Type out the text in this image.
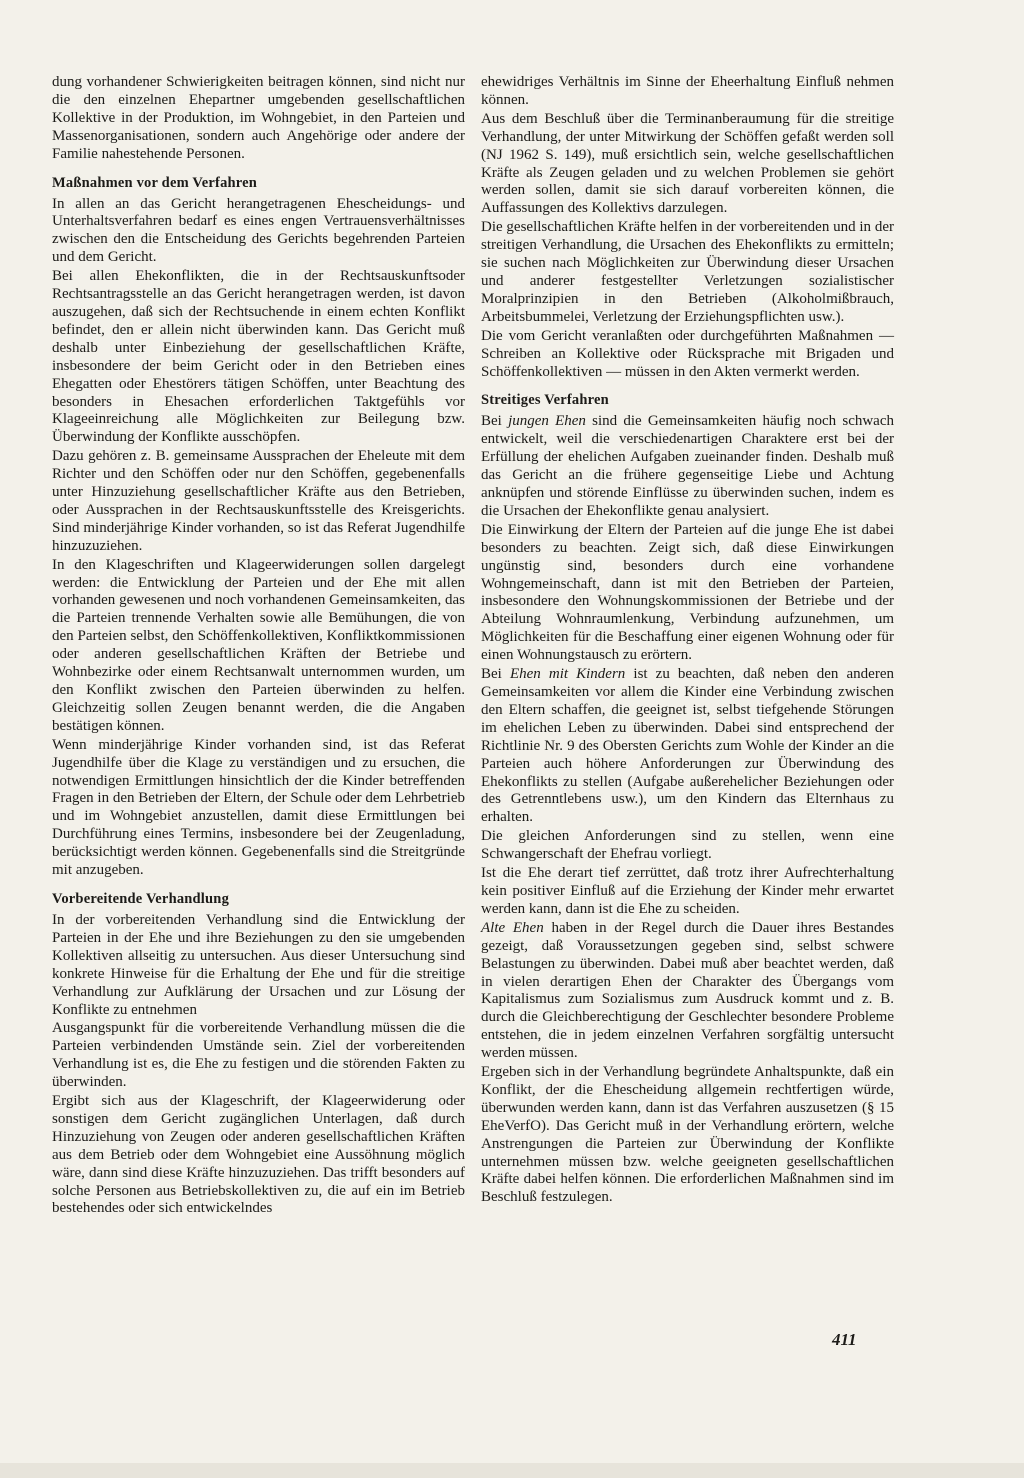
dung vorhandener Schwierigkeiten beitragen können, sind nicht nur die den einzelnen Ehepartner umgebenden gesellschaftlichen Kollektive in der Produktion, im Wohngebiet, in den Parteien und Massenorganisationen, sondern auch Angehörige oder andere der Familie nahestehende Personen.

Maßnahmen vor dem Verfahren

In allen an das Gericht herangetragenen Ehescheidungs- und Unterhaltsverfahren bedarf es eines engen Vertrauensverhältnisses zwischen den die Entscheidung des Gerichts begehrenden Parteien und dem Gericht.

Bei allen Ehekonflikten, die in der Rechtsauskunftsoder Rechtsantragsstelle an das Gericht herangetragen werden, ist davon auszugehen, daß sich der Rechtsuchende in einem echten Konflikt befindet, den er allein nicht überwinden kann. Das Gericht muß deshalb unter Einbeziehung der gesellschaftlichen Kräfte, insbesondere der beim Gericht oder in den Betrieben eines Ehegatten oder Ehestörers tätigen Schöffen, unter Beachtung des besonders in Ehesachen erforderlichen Taktgefühls vor Klageeinreichung alle Möglichkeiten zur Beilegung bzw. Überwindung der Konflikte ausschöpfen.

Dazu gehören z. B. gemeinsame Aussprachen der Eheleute mit dem Richter und den Schöffen oder nur den Schöffen, gegebenenfalls unter Hinzuziehung gesellschaftlicher Kräfte aus den Betrieben, oder Aussprachen in der Rechtsauskunftsstelle des Kreisgerichts. Sind minderjährige Kinder vorhanden, so ist das Referat Jugendhilfe hinzuzuziehen.

In den Klageschriften und Klageerwiderungen sollen dargelegt werden: die Entwicklung der Parteien und der Ehe mit allen vorhanden gewesenen und noch vorhandenen Gemeinsamkeiten, das die Parteien trennende Verhalten sowie alle Bemühungen, die von den Parteien selbst, den Schöffenkollektiven, Konfliktkommissionen oder anderen gesellschaftlichen Kräften der Betriebe und Wohnbezirke oder einem Rechtsanwalt unternommen wurden, um den Konflikt zwischen den Parteien überwinden zu helfen. Gleichzeitig sollen Zeugen benannt werden, die die Angaben bestätigen können.

Wenn minderjährige Kinder vorhanden sind, ist das Referat Jugendhilfe über die Klage zu verständigen und zu ersuchen, die notwendigen Ermittlungen hinsichtlich der die Kinder betreffenden Fragen in den Betrieben der Eltern, der Schule oder dem Lehrbetrieb und im Wohngebiet anzustellen, damit diese Ermittlungen bei Durchführung eines Termins, insbesondere bei der Zeugenladung, berücksichtigt werden können. Gegebenenfalls sind die Streitgründe mit anzugeben.

Vorbereitende Verhandlung

In der vorbereitenden Verhandlung sind die Entwicklung der Parteien in der Ehe und ihre Beziehungen zu den sie umgebenden Kollektiven allseitig zu untersuchen. Aus dieser Untersuchung sind konkrete Hinweise für die Erhaltung der Ehe und für die streitige Verhandlung zur Aufklärung der Ursachen und zur Lösung der Konflikte zu entnehmen

Ausgangspunkt für die vorbereitende Verhandlung müssen die die Parteien verbindenden Umstände sein. Ziel der vorbereitenden Verhandlung ist es, die Ehe zu festigen und die störenden Fakten zu überwinden.

Ergibt sich aus der Klageschrift, der Klageerwiderung oder sonstigen dem Gericht zugänglichen Unterlagen, daß durch Hinzuziehung von Zeugen oder anderen gesellschaftlichen Kräften aus dem Betrieb oder dem Wohngebiet eine Aussöhnung möglich wäre, dann sind diese Kräfte hinzuzuziehen. Das trifft besonders auf solche Personen aus Betriebskollektiven zu, die auf ein im Betrieb bestehendes oder sich entwickelndes

ehewidriges Verhältnis im Sinne der Eheerhaltung Einfluß nehmen können.

Aus dem Beschluß über die Terminanberaumung für die streitige Verhandlung, der unter Mitwirkung der Schöffen gefaßt werden soll (NJ 1962 S. 149), muß ersichtlich sein, welche gesellschaftlichen Kräfte als Zeugen geladen und zu welchen Problemen sie gehört werden sollen, damit sie sich darauf vorbereiten können, die Auffassungen des Kollektivs darzulegen.

Die gesellschaftlichen Kräfte helfen in der vorbereitenden und in der streitigen Verhandlung, die Ursachen des Ehekonflikts zu ermitteln; sie suchen nach Möglichkeiten zur Überwindung dieser Ursachen und anderer festgestellter Verletzungen sozialistischer Moralprinzipien in den Betrieben (Alkoholmißbrauch, Arbeitsbummelei, Verletzung der Erziehungspflichten usw.).

Die vom Gericht veranlaßten oder durchgeführten Maßnahmen — Schreiben an Kollektive oder Rücksprache mit Brigaden und Schöffenkollektiven — müssen in den Akten vermerkt werden.

Streitiges Verfahren

Bei jungen Ehen sind die Gemeinsamkeiten häufig noch schwach entwickelt, weil die verschiedenartigen Charaktere erst bei der Erfüllung der ehelichen Aufgaben zueinander finden. Deshalb muß das Gericht an die frühere gegenseitige Liebe und Achtung anknüpfen und störende Einflüsse zu überwinden suchen, indem es die Ursachen der Ehekonflikte genau analysiert.

Die Einwirkung der Eltern der Parteien auf die junge Ehe ist dabei besonders zu beachten. Zeigt sich, daß diese Einwirkungen ungünstig sind, besonders durch eine vorhandene Wohngemeinschaft, dann ist mit den Betrieben der Parteien, insbesondere den Wohnungskommissionen der Betriebe und der Abteilung Wohnraumlenkung, Verbindung aufzunehmen, um Möglichkeiten für die Beschaffung einer eigenen Wohnung oder für einen Wohnungstausch zu erörtern.

Bei Ehen mit Kindern ist zu beachten, daß neben den anderen Gemeinsamkeiten vor allem die Kinder eine Verbindung zwischen den Eltern schaffen, die geeignet ist, selbst tiefgehende Störungen im ehelichen Leben zu überwinden. Dabei sind entsprechend der Richtlinie Nr. 9 des Obersten Gerichts zum Wohle der Kinder an die Parteien auch höhere Anforderungen zur Überwindung des Ehekonflikts zu stellen (Aufgabe außerehelicher Beziehungen oder des Getrenntlebens usw.), um den Kindern das Elternhaus zu erhalten.

Die gleichen Anforderungen sind zu stellen, wenn eine Schwangerschaft der Ehefrau vorliegt.

Ist die Ehe derart tief zerrüttet, daß trotz ihrer Aufrechterhaltung kein positiver Einfluß auf die Erziehung der Kinder mehr erwartet werden kann, dann ist die Ehe zu scheiden.

Alte Ehen haben in der Regel durch die Dauer ihres Bestandes gezeigt, daß Voraussetzungen gegeben sind, selbst schwere Belastungen zu überwinden. Dabei muß aber beachtet werden, daß in vielen derartigen Ehen der Charakter des Übergangs vom Kapitalismus zum Sozialismus zum Ausdruck kommt und z. B. durch die Gleichberechtigung der Geschlechter besondere Probleme entstehen, die in jedem einzelnen Verfahren sorgfältig untersucht werden müssen.

Ergeben sich in der Verhandlung begründete Anhaltspunkte, daß ein Konflikt, der die Ehescheidung allgemein rechtfertigen würde, überwunden werden kann, dann ist das Verfahren auszusetzen (§ 15 EheVerfO). Das Gericht muß in der Verhandlung erörtern, welche Anstrengungen die Parteien zur Überwindung der Konflikte unternehmen müssen bzw. welche geeigneten gesellschaftlichen Kräfte dabei helfen können. Die erforderlichen Maßnahmen sind im Beschluß festzulegen.

411
